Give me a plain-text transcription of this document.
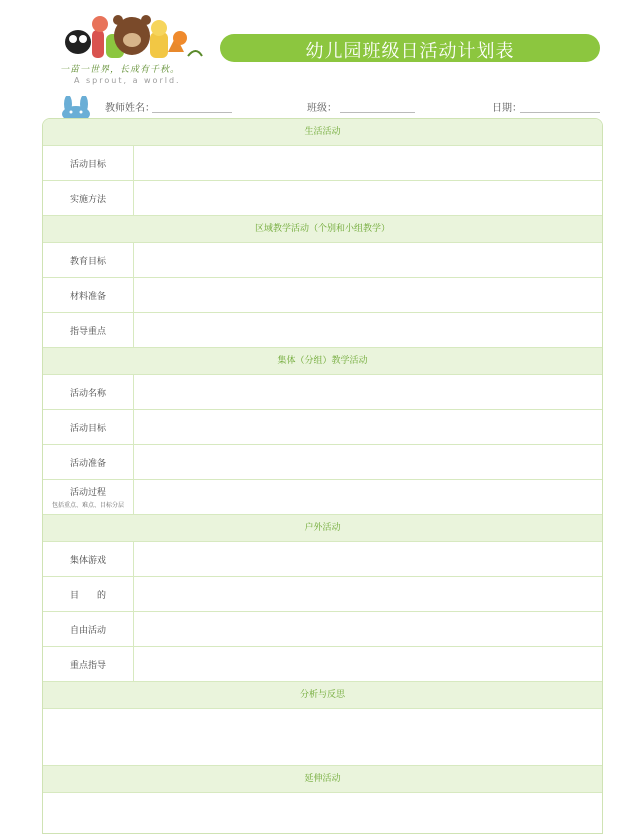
一苗一世界，长成有千秋。
A sprout, a world.
幼儿园班级日活动计划表
教师姓名：	班级：	日期：
生活活动
活动目标
实施方法
区域教学活动（个别和小组教学）
教育目标
材料准备
指导重点
集体（分组）教学活动
活动名称
活动目标
活动准备
活动过程
包括重点、难点、目标分层
户外活动
集体游戏
目　　的
自由活动
重点指导
分析与反思
延伸活动
